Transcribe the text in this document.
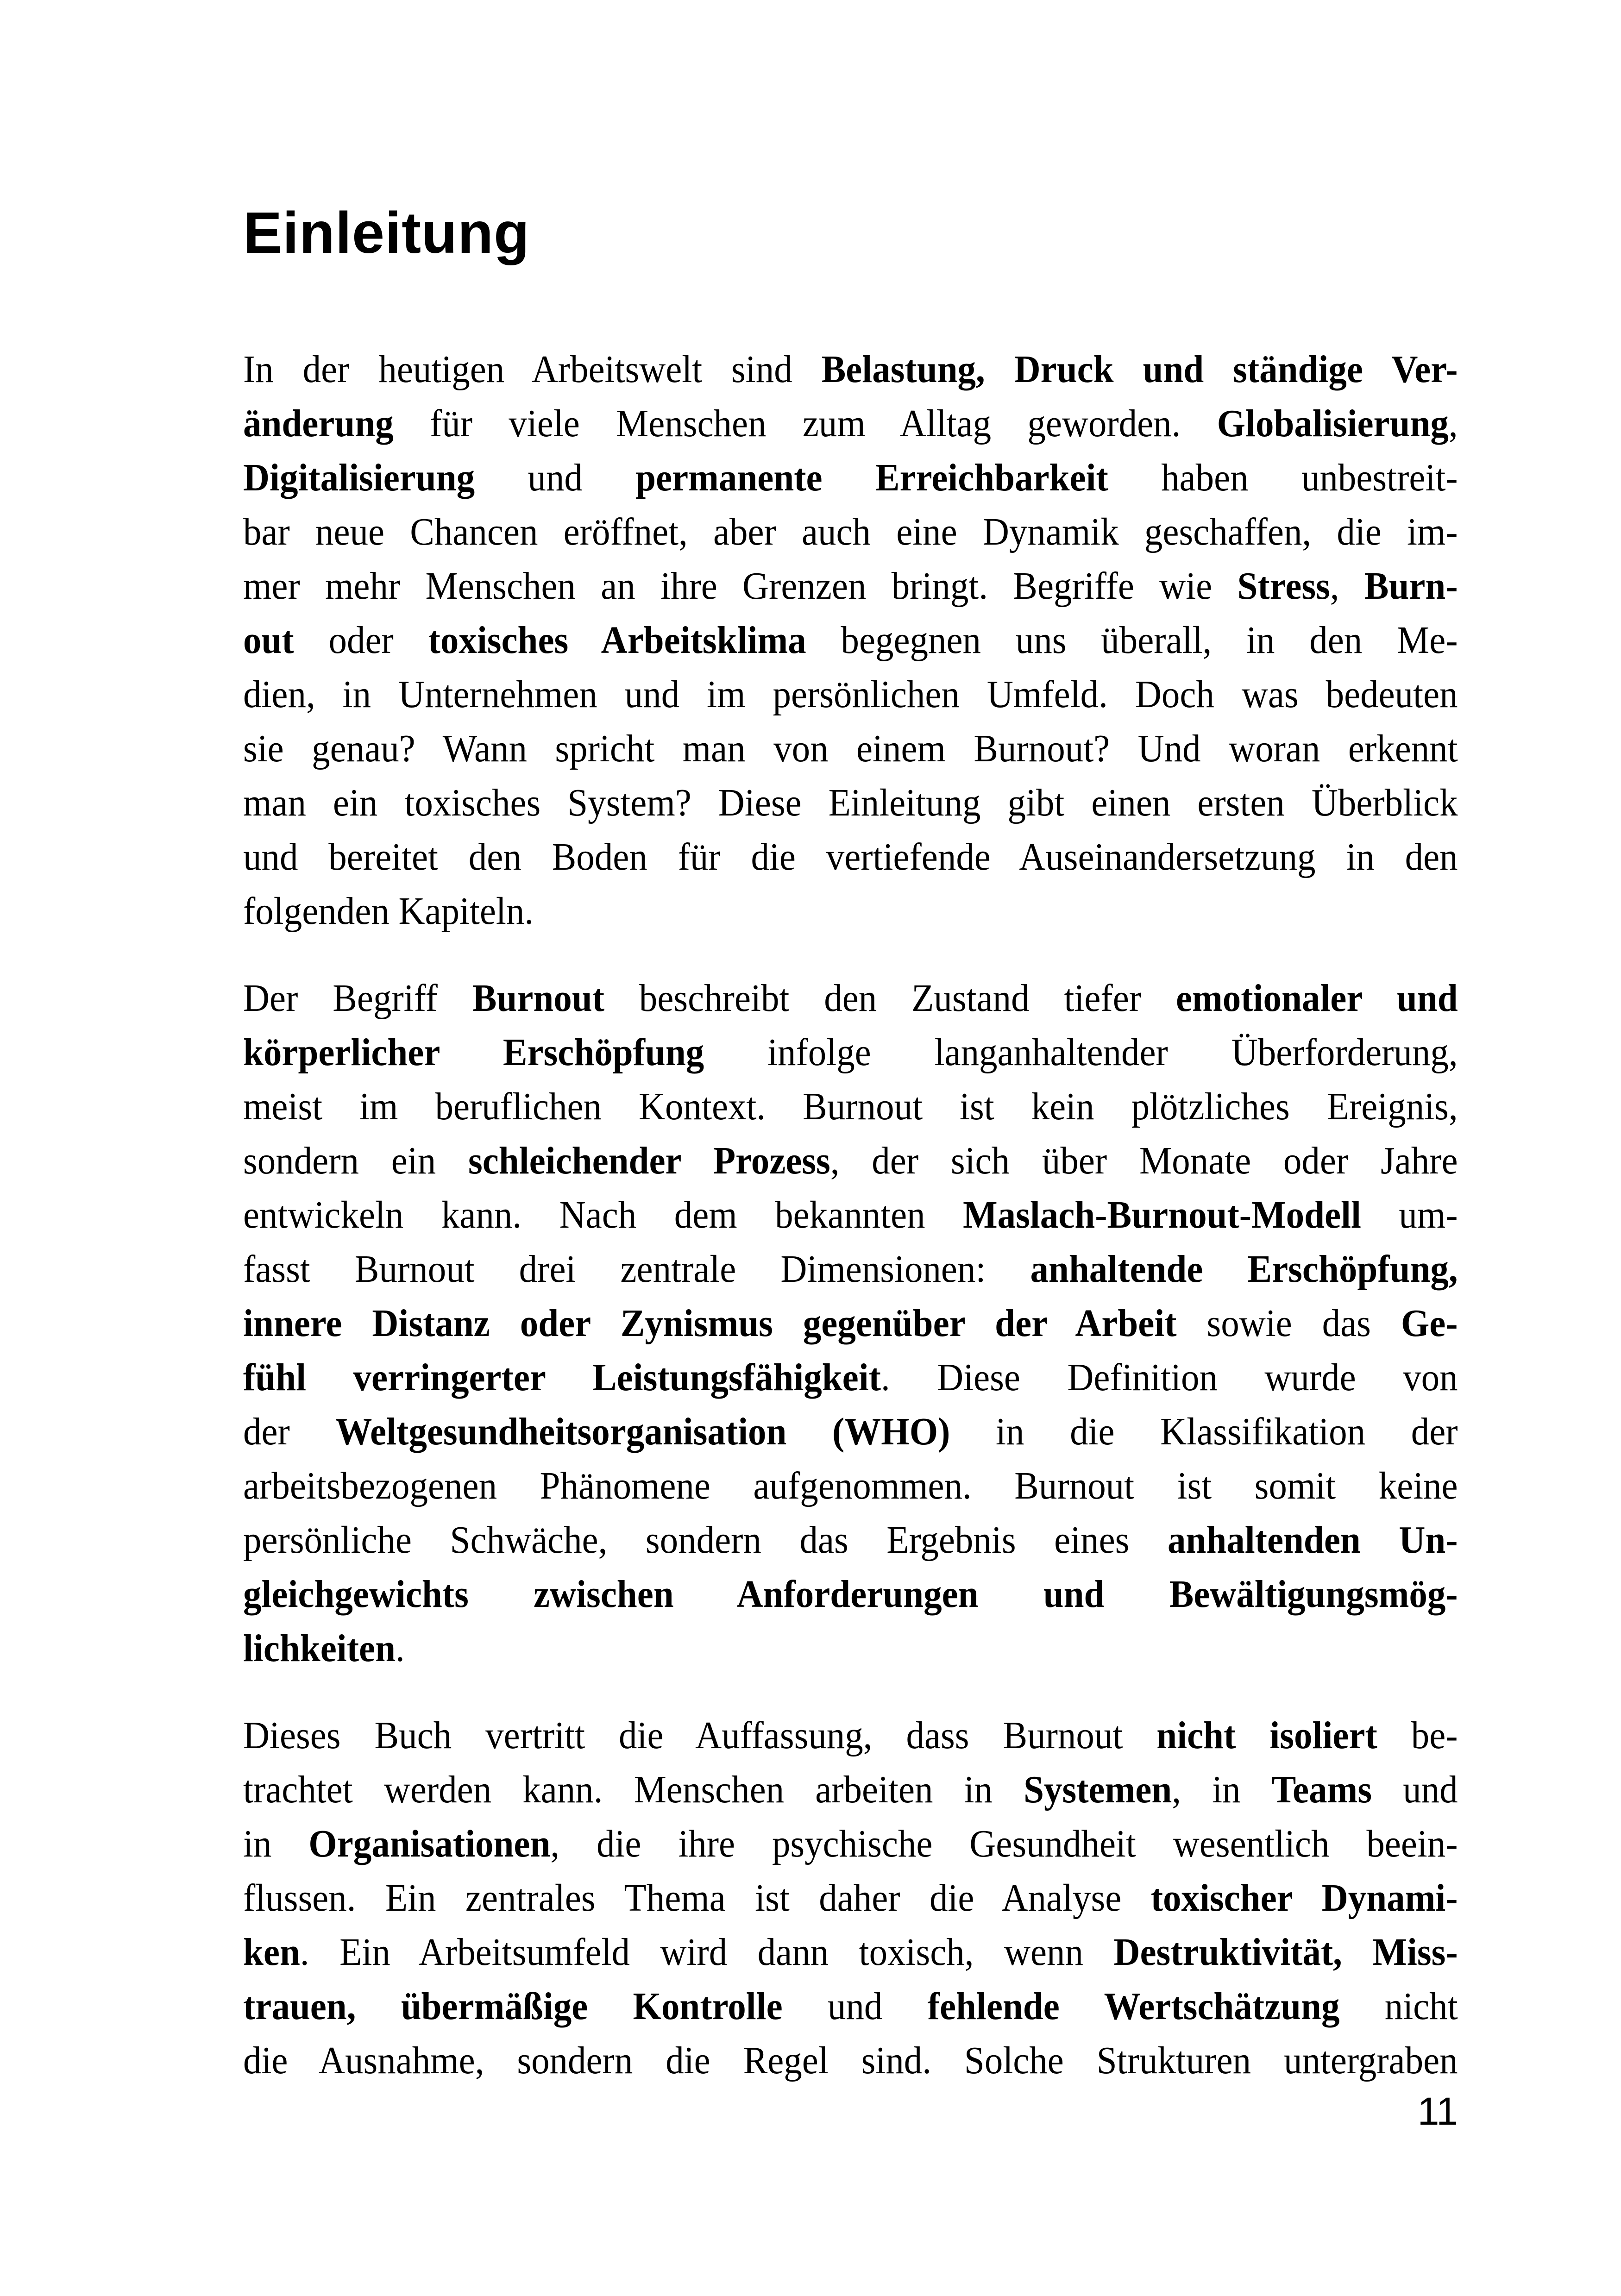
Einleitung
In der heutigen Arbeitswelt sind Belastung, Druck und ständige Ver-
änderung für viele Menschen zum Alltag geworden. Globalisierung,
Digitalisierung und permanente Erreichbarkeit haben unbestreit-
bar neue Chancen eröffnet, aber auch eine Dynamik geschaffen, die im-
mer mehr Menschen an ihre Grenzen bringt. Begriffe wie Stress, Burn-
out oder toxisches Arbeitsklima begegnen uns überall, in den Me-
dien, in Unternehmen und im persönlichen Umfeld. Doch was bedeuten
sie genau? Wann spricht man von einem Burnout? Und woran erkennt
man ein toxisches System? Diese Einleitung gibt einen ersten Überblick
und bereitet den Boden für die vertiefende Auseinandersetzung in den
folgenden Kapiteln.
Der Begriff Burnout beschreibt den Zustand tiefer emotionaler und
körperlicher Erschöpfung infolge langanhaltender Überforderung,
meist im beruflichen Kontext. Burnout ist kein plötzliches Ereignis,
sondern ein schleichender Prozess, der sich über Monate oder Jahre
entwickeln kann. Nach dem bekannten Maslach-Burnout-Modell um-
fasst Burnout drei zentrale Dimensionen: anhaltende Erschöpfung,
innere Distanz oder Zynismus gegenüber der Arbeit sowie das Ge-
fühl verringerter Leistungsfähigkeit. Diese Definition wurde von
der Weltgesundheitsorganisation (WHO) in die Klassifikation der
arbeitsbezogenen Phänomene aufgenommen. Burnout ist somit keine
persönliche Schwäche, sondern das Ergebnis eines anhaltenden Un-
gleichgewichts zwischen Anforderungen und Bewältigungsmög-
lichkeiten.
Dieses Buch vertritt die Auffassung, dass Burnout nicht isoliert be-
trachtet werden kann. Menschen arbeiten in Systemen, in Teams und
in Organisationen, die ihre psychische Gesundheit wesentlich beein-
flussen. Ein zentrales Thema ist daher die Analyse toxischer Dynami-
ken. Ein Arbeitsumfeld wird dann toxisch, wenn Destruktivität, Miss-
trauen, übermäßige Kontrolle und fehlende Wertschätzung nicht
die Ausnahme, sondern die Regel sind. Solche Strukturen untergraben
11
